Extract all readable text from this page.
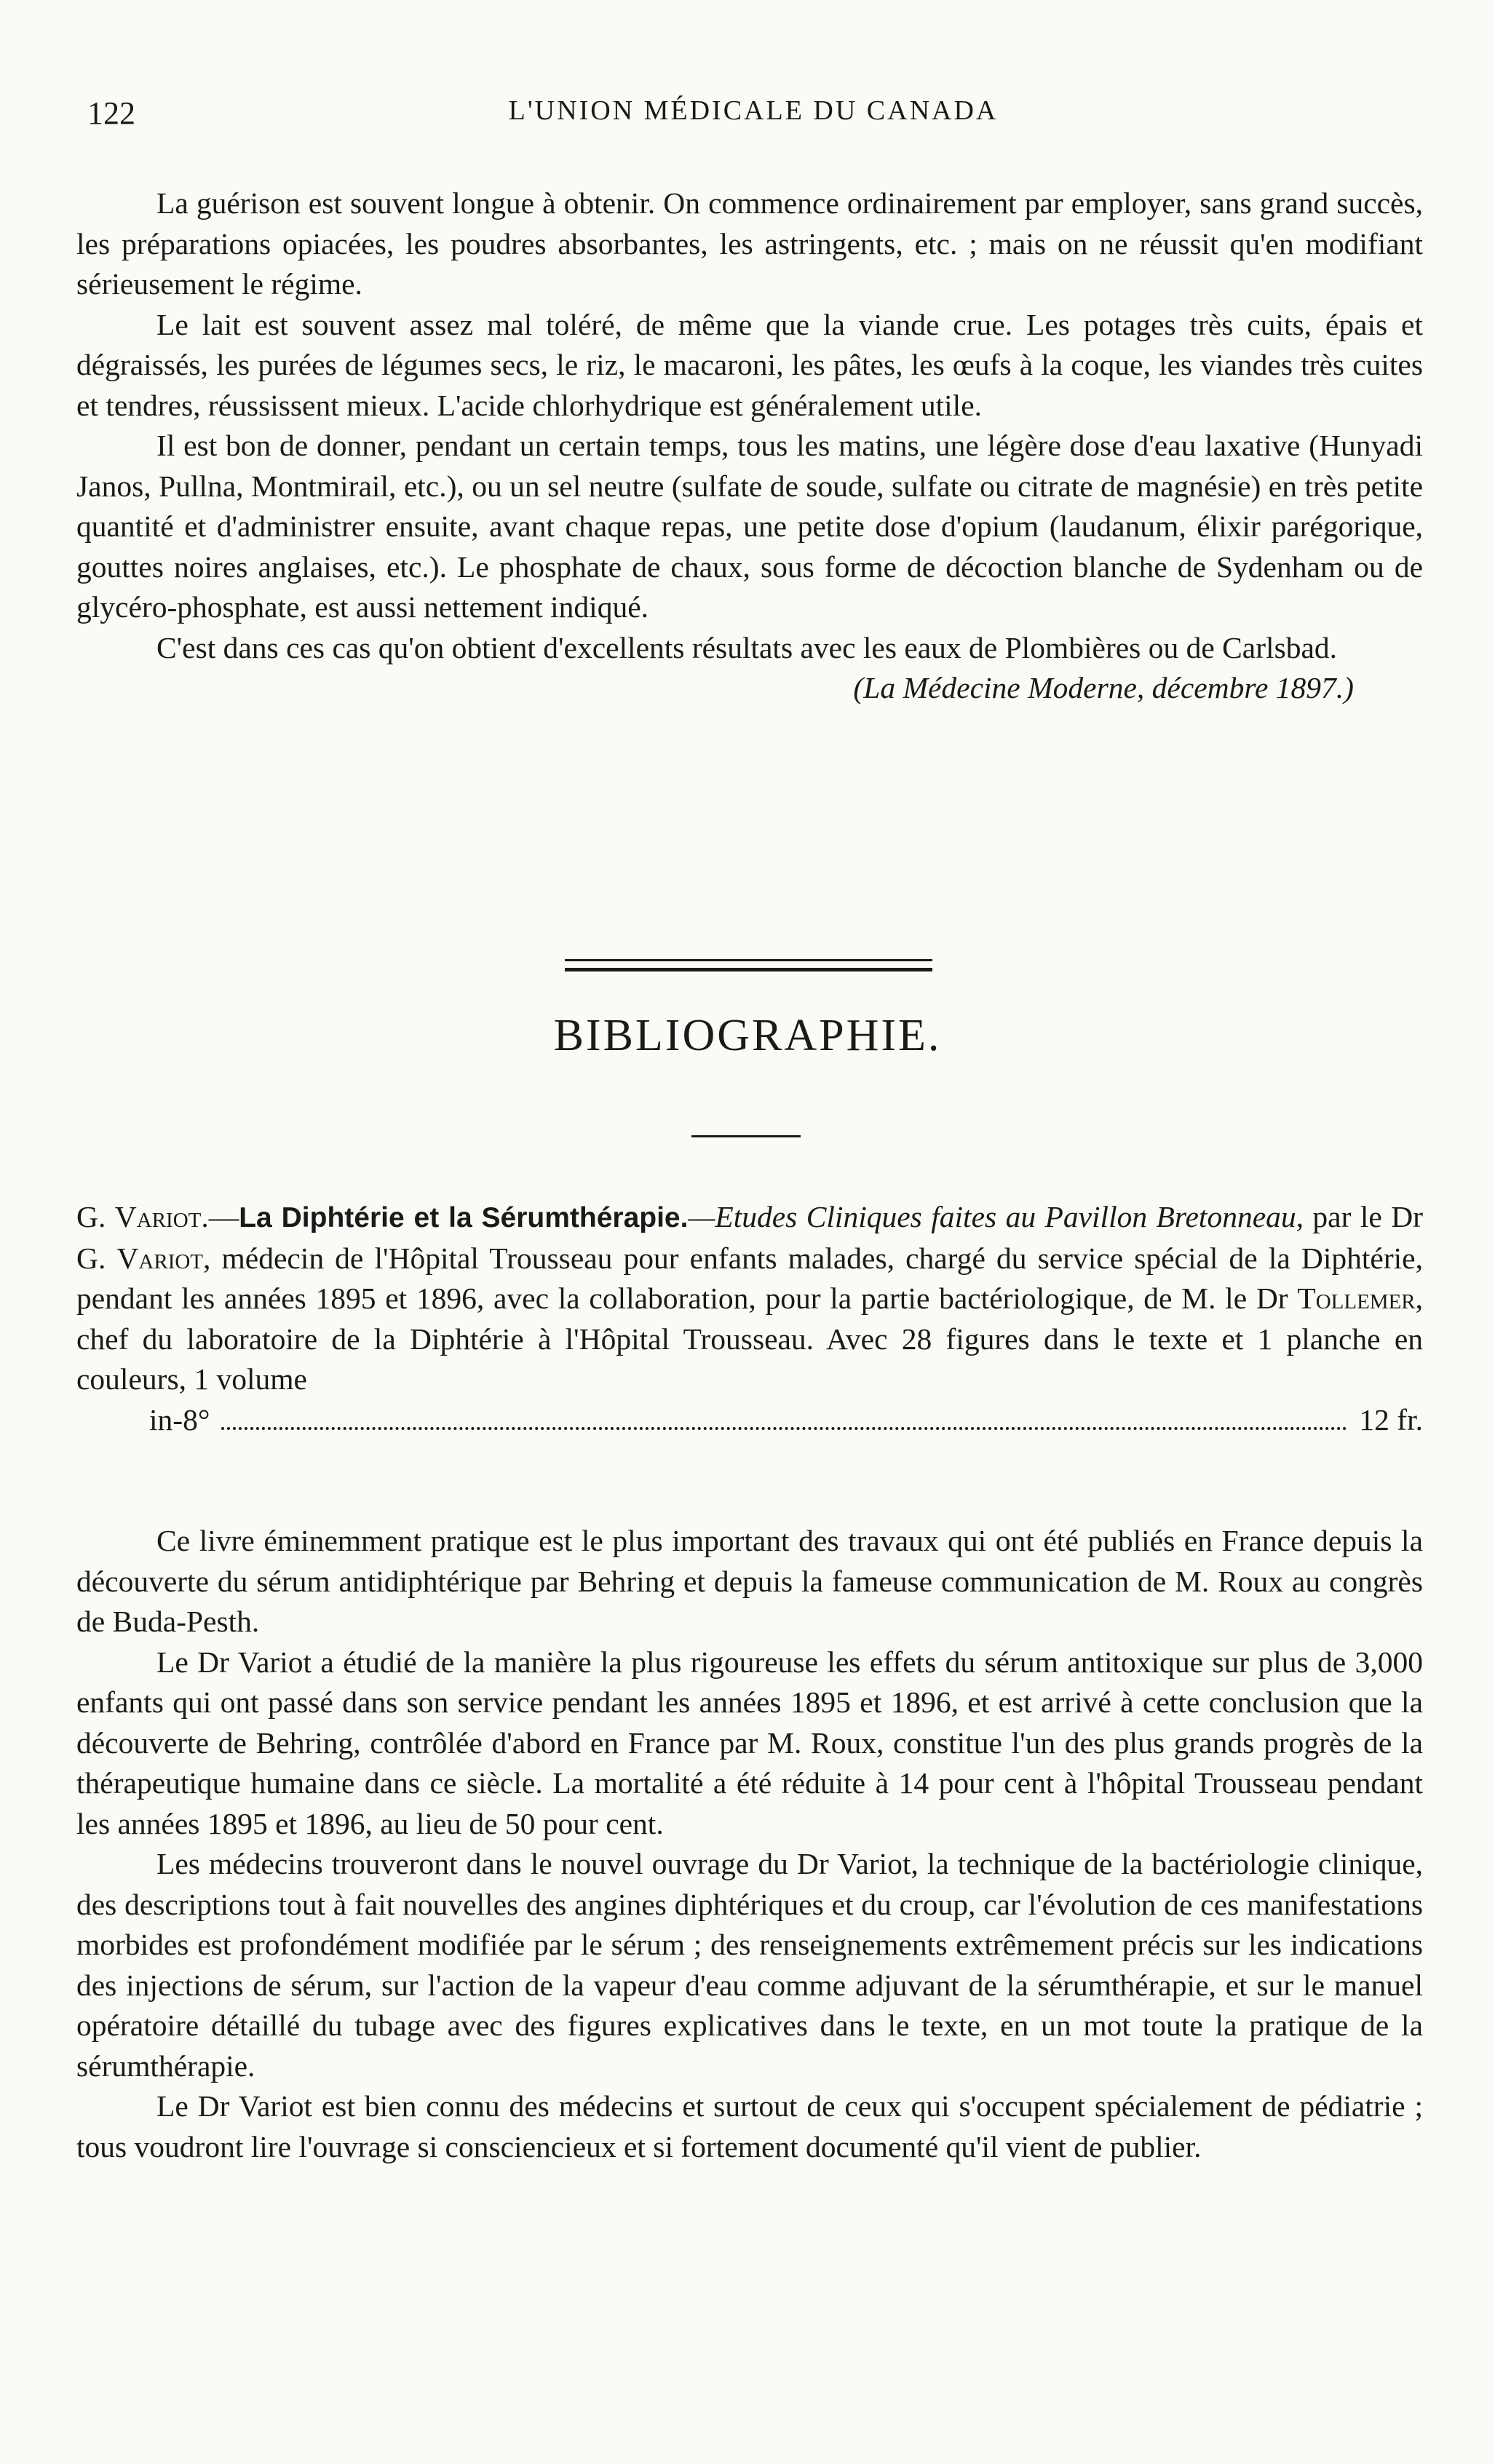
122	L'UNION MÉDICALE DU CANADA

La guérison est souvent longue à obtenir. On commence ordinairement par employer, sans grand succès, les préparations opiacées, les poudres absorbantes, les astringents, etc. ; mais on ne réussit qu'en modifiant sérieusement le régime.

Le lait est souvent assez mal toléré, de même que la viande crue. Les potages très cuits, épais et dégraissés, les purées de légumes secs, le riz, le macaroni, les pâtes, les œufs à la coque, les viandes très cuites et tendres, réussissent mieux. L'acide chlorhydrique est généralement utile.

Il est bon de donner, pendant un certain temps, tous les matins, une légère dose d'eau laxative (Hunyadi Janos, Pullna, Montmirail, etc.), ou un sel neutre (sulfate de soude, sulfate ou citrate de magnésie) en très petite quantité et d'administrer ensuite, avant chaque repas, une petite dose d'opium (laudanum, élixir parégorique, gouttes noires anglaises, etc.). Le phosphate de chaux, sous forme de décoction blanche de Sydenham ou de glycéro-phosphate, est aussi nettement indiqué.

C'est dans ces cas qu'on obtient d'excellents résultats avec les eaux de Plombières ou de Carlsbad.

(La Médecine Moderne, décembre 1897.)

BIBLIOGRAPHIE.
G. Variot.—La Diphtérie et la Sérumthérapie.—Etudes Cliniques faites au Pavillon Bretonneau, par le Dr G. Variot, médecin de l'Hôpital Trousseau pour enfants malades, chargé du service spécial de la Diphtérie, pendant les années 1895 et 1896, avec la collaboration, pour la partie bactériologique, de M. le Dr Tollemer, chef du laboratoire de la Diphtérie à l'Hôpital Trousseau. Avec 28 figures dans le texte et 1 planche en couleurs, 1 volume
in-8°	12 fr.

Ce livre éminemment pratique est le plus important des travaux qui ont été publiés en France depuis la découverte du sérum antidiphtérique par Behring et depuis la fameuse communication de M. Roux au congrès de Buda-Pesth.

Le Dr Variot a étudié de la manière la plus rigoureuse les effets du sérum antitoxique sur plus de 3,000 enfants qui ont passé dans son service pendant les années 1895 et 1896, et est arrivé à cette conclusion que la découverte de Behring, contrôlée d'abord en France par M. Roux, constitue l'un des plus grands progrès de la thérapeutique humaine dans ce siècle. La mortalité a été réduite à 14 pour cent à l'hôpital Trousseau pendant les années 1895 et 1896, au lieu de 50 pour cent.

Les médecins trouveront dans le nouvel ouvrage du Dr Variot, la technique de la bactériologie clinique, des descriptions tout à fait nouvelles des angines diphtériques et du croup, car l'évolution de ces manifestations morbides est profondément modifiée par le sérum ; des renseignements extrêmement précis sur les indications des injections de sérum, sur l'action de la vapeur d'eau comme adjuvant de la sérumthérapie, et sur le manuel opératoire détaillé du tubage avec des figures explicatives dans le texte, en un mot toute la pratique de la sérumthérapie.

Le Dr Variot est bien connu des médecins et surtout de ceux qui s'occupent spécialement de pédiatrie ; tous voudront lire l'ouvrage si consciencieux et si fortement documenté qu'il vient de publier.
